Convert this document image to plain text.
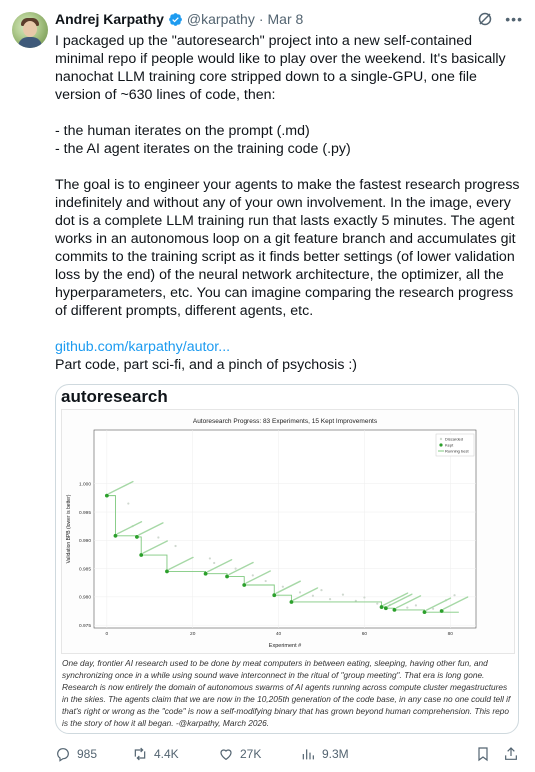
Andrej Karpathy @karpathy · Mar 8	•••

I packaged up the "autoresearch" project into a new self-contained minimal repo if people would like to play over the weekend. It's basically nanochat LLM training core stripped down to a single-GPU, one file version of ~630 lines of code, then:

- the human iterates on the prompt (.md)

- the AI agent iterates on the training code (.py)

The goal is to engineer your agents to make the fastest research progress indefinitely and without any of your own involvement. In the image, every dot is a complete LLM training run that lasts exactly 5 minutes. The agent works in an autonomous loop on a git feature branch and accumulates git commits to the training script as it finds better settings (of lower validation loss by the end) of the neural network architecture, the optimizer, all the hyperparameters, etc. You can imagine comparing the research progress of different prompts, different agents, etc.

github.com/karpathy/autor...

Part code, part sci-fi, and a pinch of psychosis :)

autoresearch
Autoresearch Progress: 83 Experiments, 15 Kept Improvements
Experiment #
Validation BPB (lower is better)
0.975
0.980
0.985
0.990
0.995
1.000
0	20	40	60	80
Discarded
Kept
Running best
One day, frontier AI research used to be done by meat computers in between eating, sleeping, having other fun, and synchronizing once in a while using sound wave interconnect in the ritual of "group meeting". That era is long gone. Research is now entirely the domain of autonomous swarms of AI agents running across compute cluster megastructures in the skies. The agents claim that we are now in the 10,205th generation of the code base, in any case no one could tell if that's right or wrong as the "code" is now a self-modifying binary that has grown beyond human comprehension. This repo is the story of how it all began. -@karpathy, March 2026.
985	4.4K	27K	9.3M
